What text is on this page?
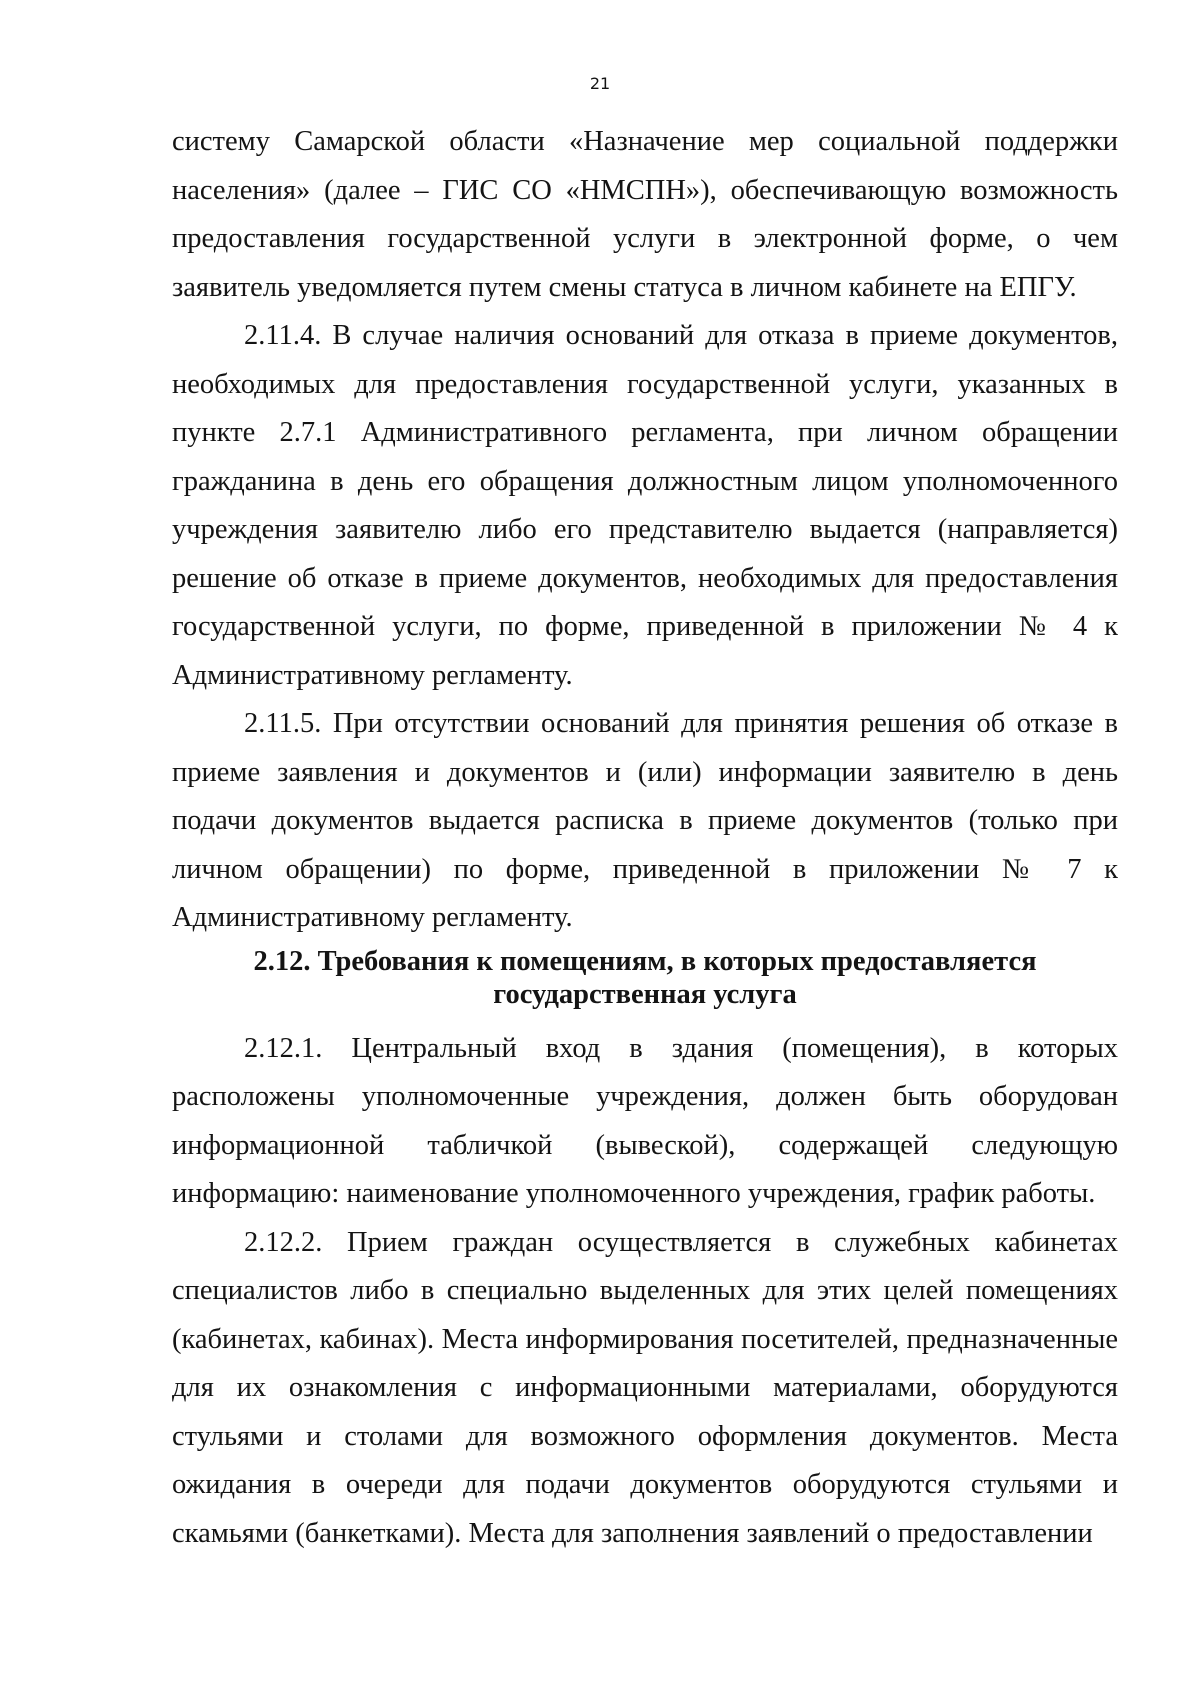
21

систему Самарской области «Назначение мер социальной поддержки населения» (далее – ГИС СО «НМСПН»), обеспечивающую возможность предоставления государственной услуги в электронной форме, о чем заявитель уведомляется путем смены статуса в личном кабинете на ЕПГУ.

2.11.4. В случае наличия оснований для отказа в приеме документов, необходимых для предоставления государственной услуги, указанных в пункте 2.7.1 Административного регламента, при личном обращении гражданина в день его обращения должностным лицом уполномоченного учреждения заявителю либо его представителю выдается (направляется) решение об отказе в приеме документов, необходимых для предоставления государственной услуги, по форме, приведенной в приложении № 4 к Административному регламенту.

2.11.5. При отсутствии оснований для принятия решения об отказе в приеме заявления и документов и (или) информации заявителю в день подачи документов выдается расписка в приеме документов (только при личном обращении) по форме, приведенной в приложении № 7 к Административному регламенту.

2.12. Требования к помещениям, в которых предоставляется государственная услуга

2.12.1. Центральный вход в здания (помещения), в которых расположены уполномоченные учреждения, должен быть оборудован информационной табличкой (вывеской), содержащей следующую информацию: наименование уполномоченного учреждения, график работы.

2.12.2. Прием граждан осуществляется в служебных кабинетах специалистов либо в специально выделенных для этих целей помещениях (кабинетах, кабинах). Места информирования посетителей, предназначенные для их ознакомления с информационными материалами, оборудуются стульями и столами для возможного оформления документов. Места ожидания в очереди для подачи документов оборудуются стульями и скамьями (банкетками). Места для заполнения заявлений о предоставлении
